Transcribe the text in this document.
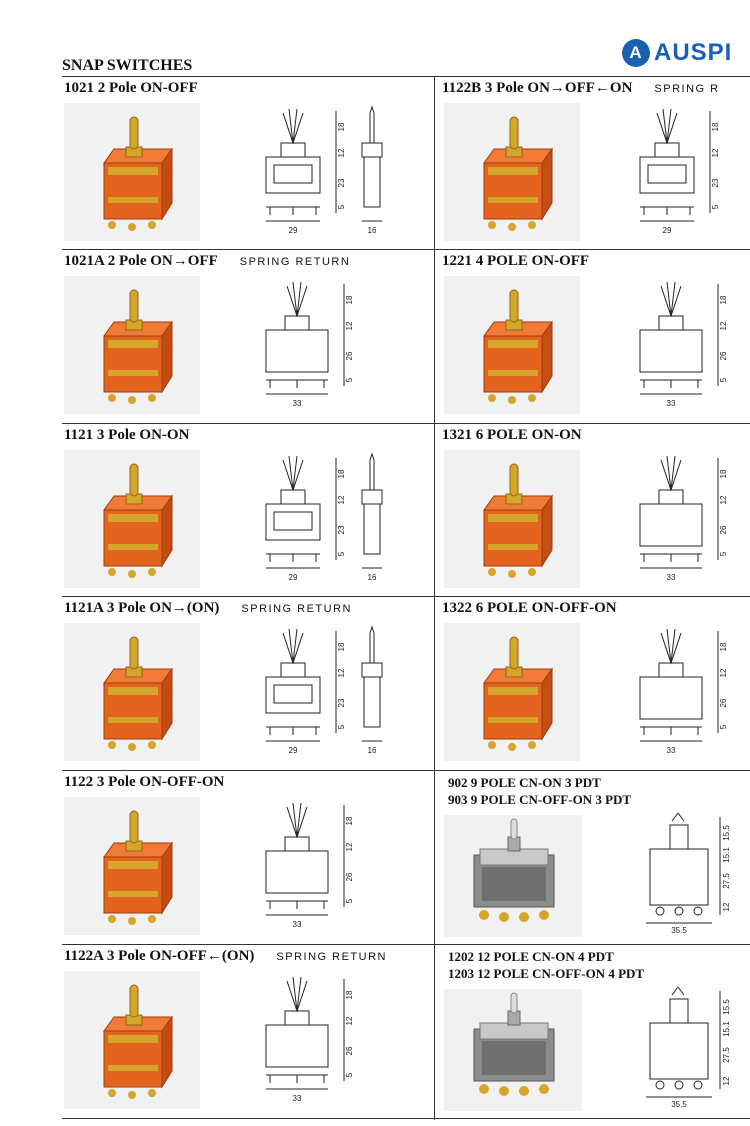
A AUSPI
SNAP SWITCHES
1021 2 Pole ON-OFF
29
18
12
23
5
16
1021A 2 Pole ON→OFF SPRING RETURN
33
18
12
26
5
1121 3 Pole ON-ON
29
18
12
23
5
16
1121A 3 Pole ON→(ON) SPRING RETURN
29
18
12
23
5
16
1122 3 Pole ON-OFF-ON
33
18
12
26
5
1122A 3 Pole ON-OFF←(ON) SPRING RETURN
33
18
12
26
5
1122B 3 Pole ON→OFF←ON SPRING R
29
18
12
23
5
1221 4 POLE ON-OFF
33
18
12
26
5
1321 6 POLE ON-ON
33
18
12
26
5
1322 6 POLE ON-OFF-ON
33
18
12
26
5
902 9 POLE CN-ON 3 PDT
903 9 POLE CN-OFF-ON 3 PDT
35.5
15.5
15.1
27.5
12
1202 12 POLE CN-ON 4 PDT
1203 12 POLE CN-OFF-ON 4 PDT
35.5
15.5
15.1
27.5
12
